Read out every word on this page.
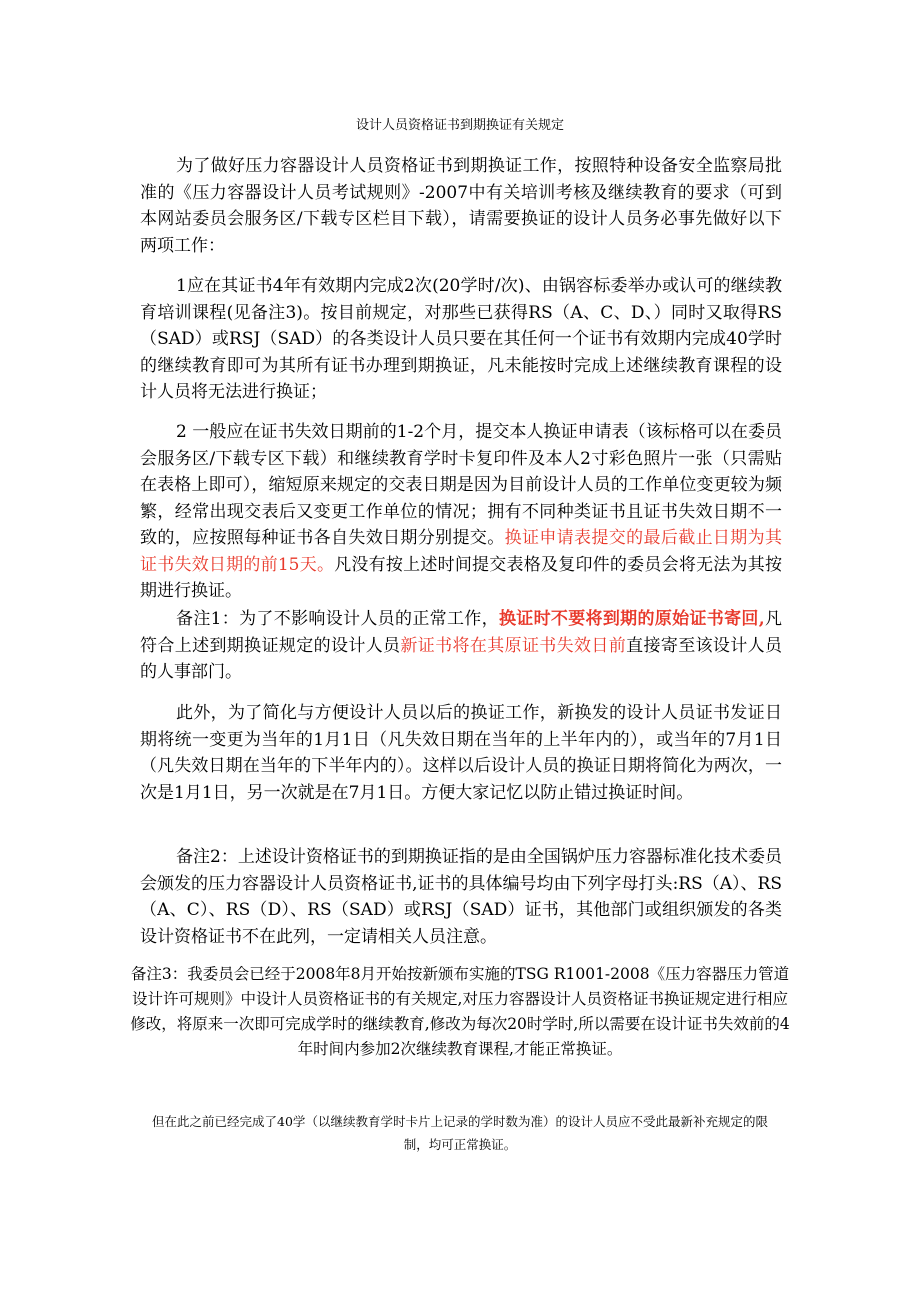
设计人员资格证书到期换证有关规定

为了做好压力容器设计人员资格证书到期换证工作，按照特种设备安全监察局批准的《压力容器设计人员考试规则》-2007中有关培训考核及继续教育的要求（可到本网站委员会服务区/下载专区栏目下载），请需要换证的设计人员务必事先做好以下两项工作：

1应在其证书4年有效期内完成2次(20学时/次)、由锅容标委举办或认可的继续教育培训课程(见备注3)。按目前规定，对那些已获得RS（A、C、D、）同时又取得RS（SAD）或RSJ（SAD）的各类设计人员只要在其任何一个证书有效期内完成40学时的继续教育即可为其所有证书办理到期换证，凡未能按时完成上述继续教育课程的设计人员将无法进行换证；

2 一般应在证书失效日期前的1-2个月，提交本人换证申请表（该标格可以在委员会服务区/下载专区下载）和继续教育学时卡复印件及本人2寸彩色照片一张（只需贴在表格上即可），缩短原来规定的交表日期是因为目前设计人员的工作单位变更较为频繁，经常出现交表后又变更工作单位的情况；拥有不同种类证书且证书失效日期不一致的，应按照每种证书各自失效日期分别提交。换证申请表提交的最后截止日期为其证书失效日期的前15天。凡没有按上述时间提交表格及复印件的委员会将无法为其按期进行换证。

备注1：为了不影响设计人员的正常工作，换证时不要将到期的原始证书寄回,凡符合上述到期换证规定的设计人员新证书将在其原证书失效日前直接寄至该设计人员的人事部门。

此外，为了简化与方便设计人员以后的换证工作，新换发的设计人员证书发证日期将统一变更为当年的1月1日（凡失效日期在当年的上半年内的），或当年的7月1日（凡失效日期在当年的下半年内的）。这样以后设计人员的换证日期将简化为两次，一次是1月1日，另一次就是在7月1日。方便大家记忆以防止错过换证时间。

备注2：上述设计资格证书的到期换证指的是由全国锅炉压力容器标准化技术委员会颁发的压力容器设计人员资格证书,证书的具体编号均由下列字母打头:RS（A）、RS（A、C）、RS（D）、RS（SAD）或RSJ（SAD）证书，其他部门或组织颁发的各类设计资格证书不在此列，一定请相关人员注意。

备注3：我委员会已经于2008年8月开始按新颁布实施的TSG R1001-2008《压力容器压力管道设计许可规则》中设计人员资格证书的有关规定,对压力容器设计人员资格证书换证规定进行相应修改，将原来一次即可完成学时的继续教育,修改为每次20时学时,所以需要在设计证书失效前的4年时间内参加2次继续教育课程,才能正常换证。

但在此之前已经完成了40学（以继续教育学时卡片上记录的学时数为准）的设计人员应不受此最新补充规定的限制，均可正常换证。
